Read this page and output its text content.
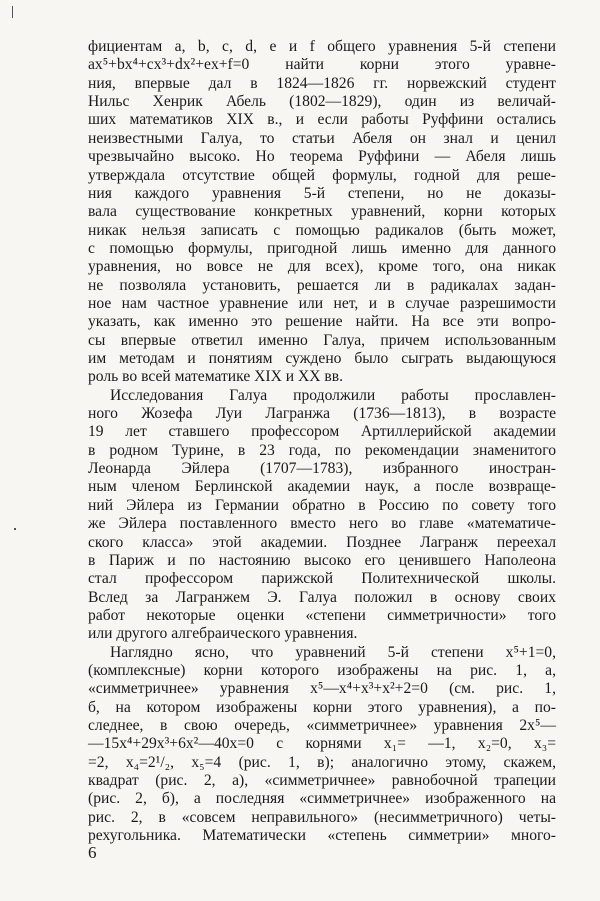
фициентам a, b, c, d, e и f общего уравнения 5-й степени
ax⁵+bx⁴+cx³+dx²+ex+f=0 найти корни этого уравне-
ния, впервые дал в 1824—1826 гг. норвежский студент
Нильс Хенрик Абель (1802—1829), один из величай-
ших математиков XIX в., и если работы Руффини остались
неизвестными Галуа, то статьи Абеля он знал и ценил
чрезвычайно высоко. Но теорема Руффини — Абеля лишь
утверждала отсутствие общей формулы, годной для реше-
ния каждого уравнения 5-й степени, но не доказы-
вала существование конкретных уравнений, корни которых
никак нельзя записать с помощью радикалов (быть может,
с помощью формулы, пригодной лишь именно для данного
уравнения, но вовсе не для всех), кроме того, она никак
не позволяла установить, решается ли в радикалах задан-
ное нам частное уравнение или нет, и в случае разрешимости
указать, как именно это решение найти. На все эти вопро-
сы впервые ответил именно Галуа, причем использованным
им методам и понятиям суждено было сыграть выдающуюся
роль во всей математике XIX и XX вв.
Исследования Галуа продолжили работы прославлен-
ного Жозефа Луи Лагранжа (1736—1813), в возрасте
19 лет ставшего профессором Артиллерийской академии
в родном Турине, в 23 года, по рекомендации знаменитого
Леонарда Эйлера (1707—1783), избранного иностран-
ным членом Берлинской академии наук, а после возвраще-
ний Эйлера из Германии обратно в Россию по совету того
же Эйлера поставленного вместо него во главе «математиче-
ского класса» этой академии. Позднее Лагранж переехал
в Париж и по настоянию высоко его ценившего Наполеона
стал профессором парижской Политехнической школы.
Вслед за Лагранжем Э. Галуа положил в основу своих
работ некоторые оценки «степени симметричности» того
или другого алгебраического уравнения.
Наглядно ясно, что уравнений 5-й степени x⁵+1=0,
(комплексные) корни которого изображены на рис. 1, a,
«симметричнее» уравнения x⁵—x⁴+x³+x²+2=0 (см. рис. 1,
б, на котором изображены корни этого уравнения), а по-
следнее, в свою очередь, «симметричнее» уравнения 2x⁵—
—15x⁴+29x³+6x²—40x=0 с корнями x₁= —1, x₂=0, x₃=
=2, x₄=2¹/₂, x₅=4 (рис. 1, в); аналогично этому, скажем,
квадрат (рис. 2, а), «симметричнее» равнобочной трапеции
(рис. 2, б), а последняя «симметричнее» изображенного на
рис. 2, в «совсем неправильного» (несимметричного) четы-
рехугольника. Математически «степень симметрии» много-
6
